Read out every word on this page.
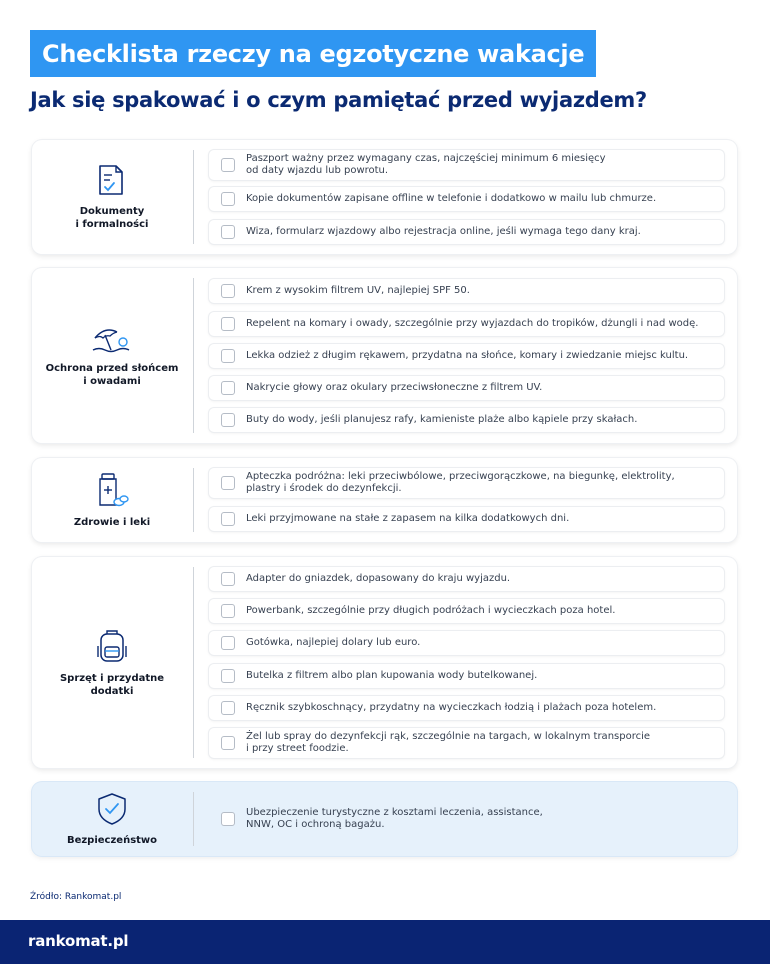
Checklista rzeczy na egzotyczne wakacje
Jak się spakować i o czym pamiętać przed wyjazdem?
Dokumenty
i formalności
Paszport ważny przez wymagany czas, najczęściej minimum 6 miesięcy
od daty wjazdu lub powrotu.
Kopie dokumentów zapisane offline w telefonie i dodatkowo w mailu lub chmurze.
Wiza, formularz wjazdowy albo rejestracja online, jeśli wymaga tego dany kraj.
Ochrona przed słońcem
i owadami
Krem z wysokim filtrem UV, najlepiej SPF 50.
Repelent na komary i owady, szczególnie przy wyjazdach do tropików, dżungli i nad wodę.
Lekka odzież z długim rękawem, przydatna na słońce, komary i zwiedzanie miejsc kultu.
Nakrycie głowy oraz okulary przeciwsłoneczne z filtrem UV.
Buty do wody, jeśli planujesz rafy, kamieniste plaże albo kąpiele przy skałach.
Zdrowie i leki
Apteczka podróżna: leki przeciwbólowe, przeciwgorączkowe, na biegunkę, elektrolity,
plastry i środek do dezynfekcji.
Leki przyjmowane na stałe z zapasem na kilka dodatkowych dni.
Sprzęt i przydatne
dodatki
Adapter do gniazdek, dopasowany do kraju wyjazdu.
Powerbank, szczególnie przy długich podróżach i wycieczkach poza hotel.
Gotówka, najlepiej dolary lub euro.
Butelka z filtrem albo plan kupowania wody butelkowanej.
Ręcznik szybkoschnący, przydatny na wycieczkach łodzią i plażach poza hotelem.
Żel lub spray do dezynfekcji rąk, szczególnie na targach, w lokalnym transporcie
i przy street foodzie.
Bezpieczeństwo
Ubezpieczenie turystyczne z kosztami leczenia, assistance,
NNW, OC i ochroną bagażu.
Źródło: Rankomat.pl
rankomat.pl
